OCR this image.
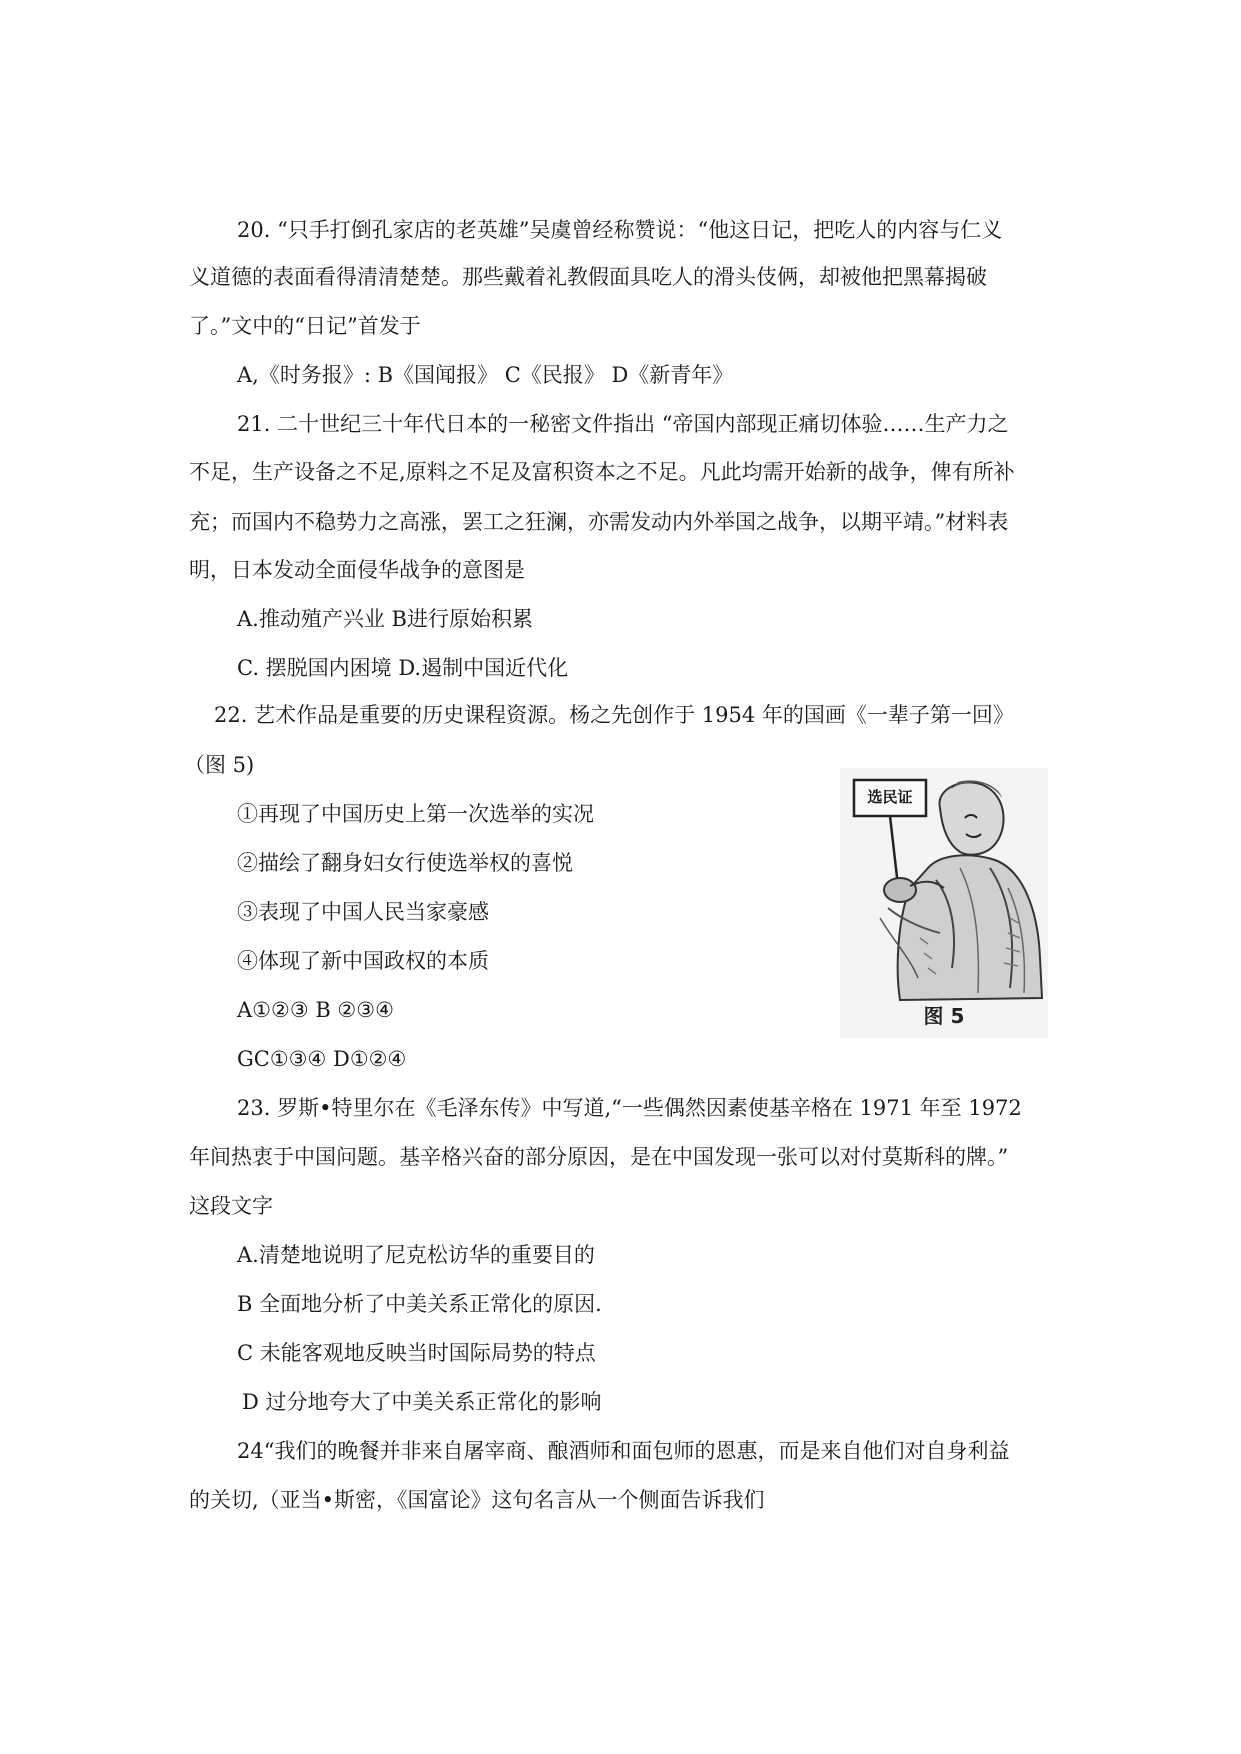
20. “只手打倒孔家店的老英雄”吴虞曾经称赞说：“他这日记，把吃人的内容与仁义
义道德的表面看得清清楚楚。那些戴着礼教假面具吃人的滑头伎俩，却被他把黑幕揭破
了。”文中的“日记”首发于
A,《时务报》: B《国闻报》 C《民报》 D《新青年》
21. 二十世纪三十年代日本的一秘密文件指出 “帝国内部现正痛切体验……生产力之
不足，生产设备之不足,原料之不足及富积资本之不足。凡此均需开始新的战争，俾有所补
充；而国内不稳势力之高涨，罢工之狂澜，亦需发动内外举国之战争，以期平靖。”材料表
明，日本发动全面侵华战争的意图是
A.推动殖产兴业 B进行原始积累
C. 摆脱国内困境 D.遏制中国近代化
22. 艺术作品是重要的历史课程资源。杨之先创作于 1954 年的国画《一辈子第一回》
（图 5)
①再现了中国历史上第一次选举的实况
②描绘了翻身妇女行使选举权的喜悦
③表现了中国人民当家豪感
④体现了新中国政权的本质
A①②③ B ②③④
GC①③④ D①②④
选民证
图 5
23. 罗斯•特里尔在《毛泽东传》中写道,“一些偶然因素使基辛格在 1971 年至 1972
年间热衷于中国问题。基辛格兴奋的部分原因，是在中国发现一张可以对付莫斯科的牌。”
这段文字
A.清楚地说明了尼克松访华的重要目的
B 全面地分析了中美关系正常化的原因.
C 未能客观地反映当时国际局势的特点
D 过分地夸大了中美关系正常化的影响
24“我们的晚餐并非来自屠宰商、酿酒师和面包师的恩惠，而是来自他们对自身利益
的关切,（亚当•斯密，《国富论》这句名言从一个侧面告诉我们
